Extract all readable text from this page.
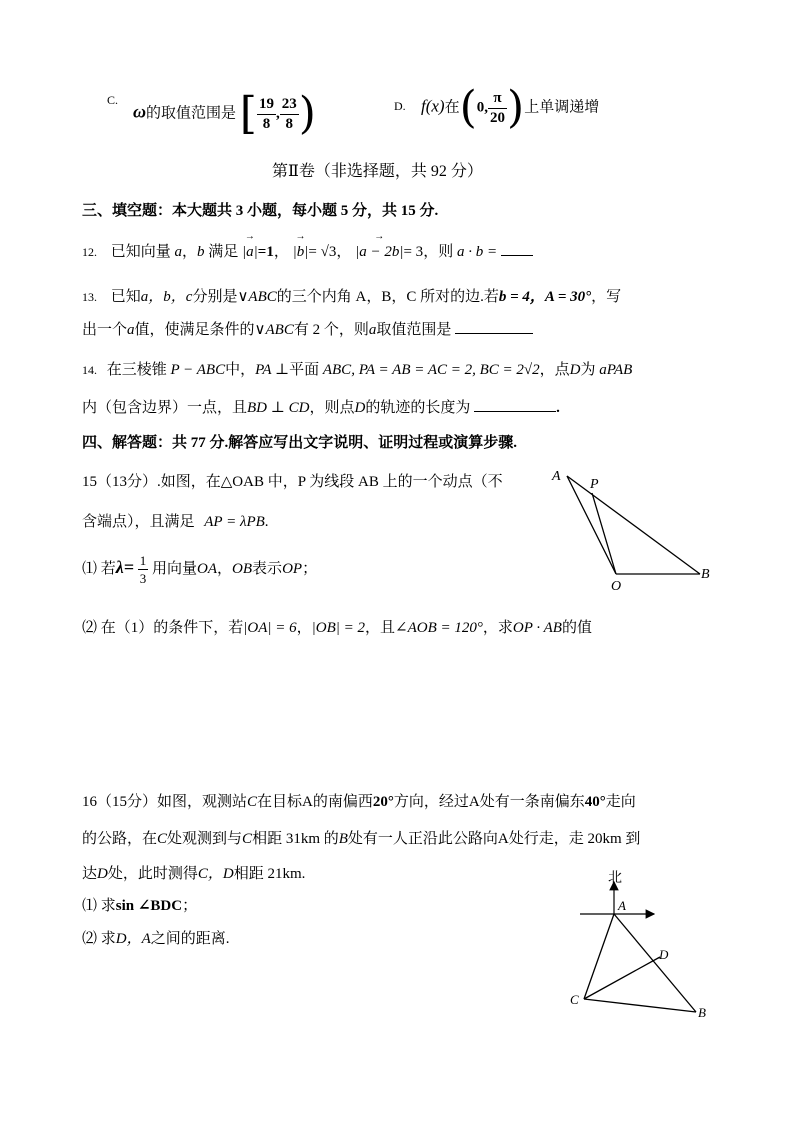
C.
ω的取值范围是 [ $\frac{19}{8}$ , $\frac{23}{8}$ )	D. f(x)在(0, $\frac{\pi}{20}$ )上单调递增
第Ⅱ卷（非选择题，共 92 分）
三、填空题：本大题共 3 小题，每小题 5 分，共 15 分.
12. 已知向量 a，b 满足 → |a|=1， → |b|= √3， → |a − 2b|= 3，则 a · b =
13. 已知a，b，c分别是∨ABC的三个内角 A，B，C 所对的边.若b = 4，A = 30°，写
出一个a值，使满足条件的∨ABC有 2 个，则a取值范围是
14. 在三棱锥 P − ABC中，PA ⊥平面 ABC, PA = AB = AC = 2, BC = 2√2，点D为 aPAB
内（包含边界）一点，且BD ⊥ CD，则点D的轨迹的长度为	.
四、解答题：共 77 分.解答应写出文字说明、证明过程或演算步骤.
15（13分）.如图，在△OAB 中，P 为线段 AB 上的一个动点（不
含端点），且满足 AP = λPB.
⑴ 若$\lambda= \frac{1}{3}$ 用向量OA，OB表示OP；
⑵ 在（1）的条件下，若|OA| = 6，|OB| = 2，且∠AOB = 120°，求OP · AB的值
A
P
O
B
16（15分）如图，观测站C在目标A的南偏西20°方向，经过A处有一条南偏东40°走向
的公路，在C处观测到与C相距 31km 的B处有一人正沿此公路向A处行走，走 20km 到
达D处，此时测得C，D相距 21km.
⑴ 求sin ∠BDC；
⑵ 求D，A之间的距离.
北
A
D
C
B
